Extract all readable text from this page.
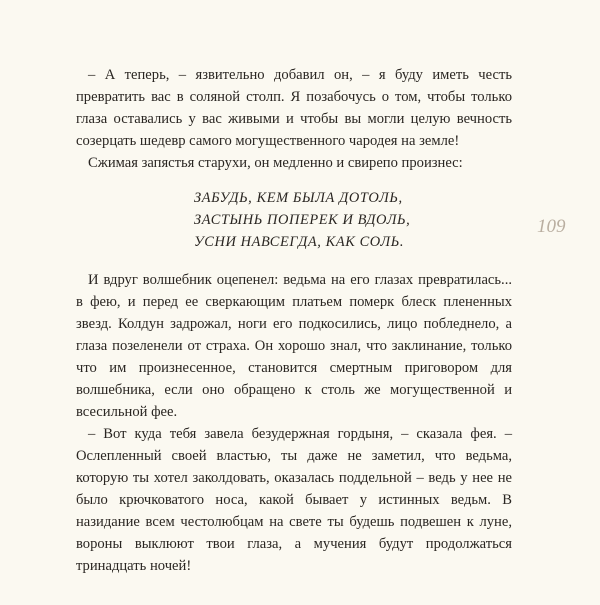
– А теперь, – язвительно добавил он, – я буду иметь честь превратить вас в соляной столп. Я позабочусь о том, чтобы только глаза оставались у вас живыми и чтобы вы могли целую вечность созерцать шедевр самого могущественного чародея на земле!

Сжимая запястья старухи, он медленно и свирепо произнес:

ЗАБУДЬ, КЕМ БЫЛА ДОТОЛЬ,
ЗАСТЫНЬ ПОПЕРЕК И ВДОЛЬ,
УСНИ НАВСЕГДА, КАК СОЛЬ.

И вдруг волшебник оцепенел: ведьма на его глазах превратилась... в фею, и перед ее сверкающим платьем померк блеск плененных звезд. Колдун задрожал, ноги его подкосились, лицо побледнело, а глаза позеленели от страха. Он хорошо знал, что заклинание, только что им произнесенное, становится смертным приговором для волшебника, если оно обращено к столь же могущественной и всесильной фее.

– Вот куда тебя завела безудержная гордыня, – сказала фея. – Ослепленный своей властью, ты даже не заметил, что ведьма, которую ты хотел заколдовать, оказалась поддельной – ведь у нее не было крючковатого носа, какой бывает у истинных ведьм. В назидание всем честолюбцам на свете ты будешь подвешен к луне, вороны выклюют твои глаза, а мучения будут продолжаться тринадцать ночей!

109
